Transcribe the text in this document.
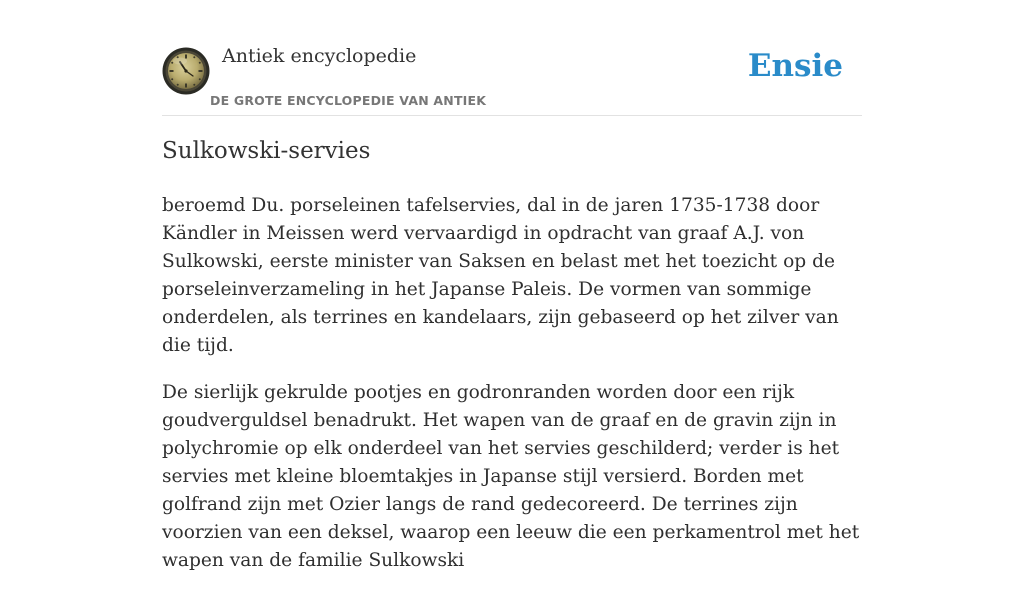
Antiek encyclopedie
DE GROTE ENCYCLOPEDIE VAN ANTIEK
Ensie
Sulkowski-servies

beroemd Du. porseleinen tafelservies, dal in de jaren 1735-1738 door Kändler in Meissen werd vervaardigd in opdracht van graaf A.J. von Sulkowski, eerste minister van Saksen en belast met het toezicht op de porseleinverzameling in het Japanse Paleis. De vormen van sommige onderdelen, als terrines en kandelaars, zijn gebaseerd op het zilver van die tijd.

De sierlijk gekrulde pootjes en godronranden worden door een rijk goudverguldsel benadrukt. Het wapen van de graaf en de gravin zijn in polychromie op elk onderdeel van het servies geschilderd; verder is het servies met kleine bloemtakjes in Japanse stijl versierd. Borden met golfrand zijn met Ozier langs de rand gedecoreerd. De terrines zijn voorzien van een deksel, waarop een leeuw die een perkamentrol met het wapen van de familie Sulkowski
